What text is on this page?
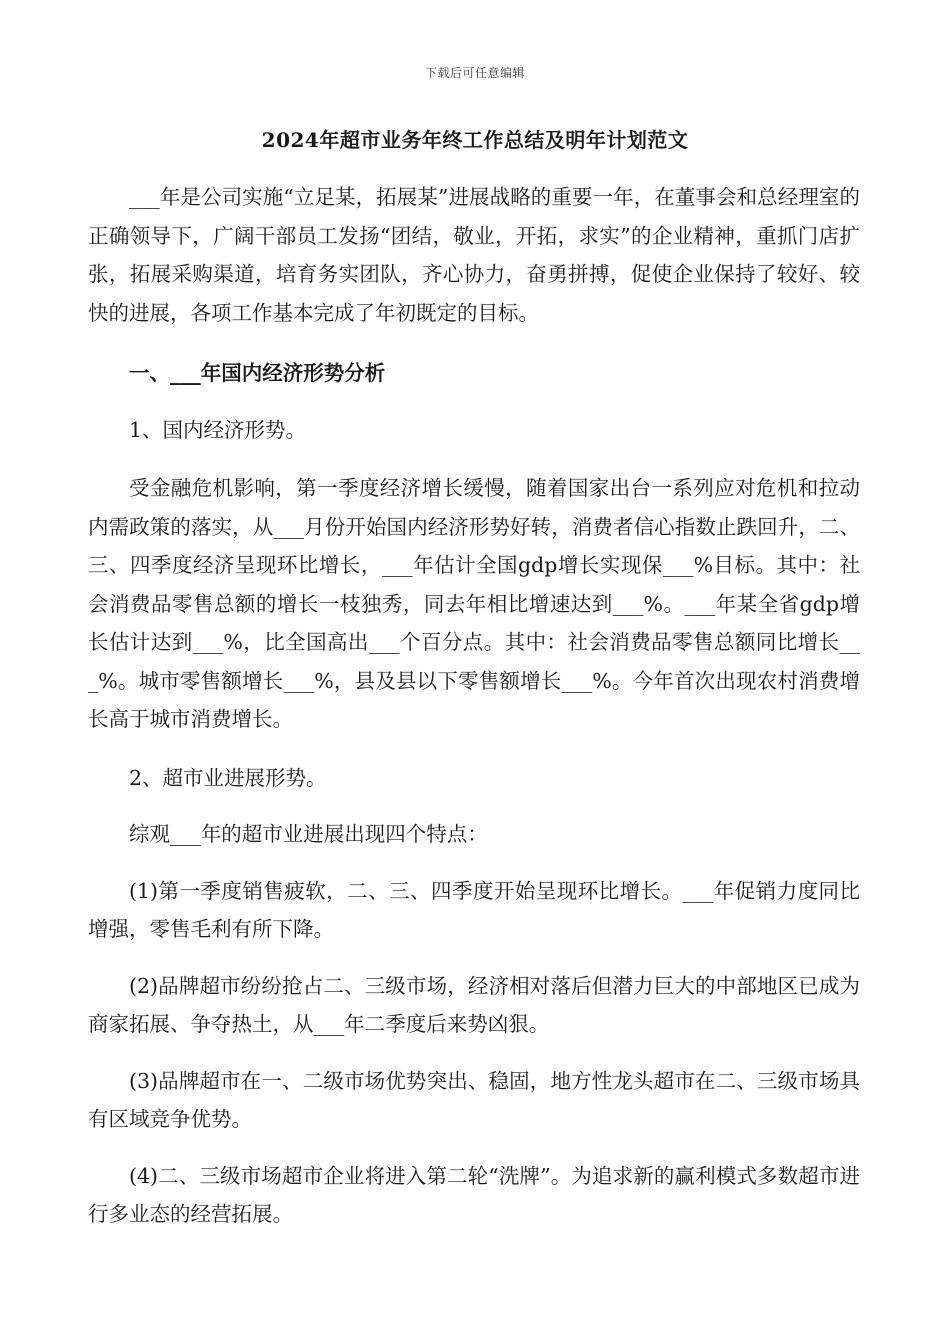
下载后可任意编辑
2024年超市业务年终工作总结及明年计划范文

___年是公司实施“立足某，拓展某”进展战略的重要一年，在董事会和总经理室的正确领导下，广阔干部员工发扬“团结，敬业，开拓，求实”的企业精神，重抓门店扩张，拓展采购渠道，培育务实团队，齐心协力，奋勇拼搏，促使企业保持了较好、较快的进展，各项工作基本完成了年初既定的目标。

一、___年国内经济形势分析

1、国内经济形势。

受金融危机影响，第一季度经济增长缓慢，随着国家出台一系列应对危机和拉动内需政策的落实，从___月份开始国内经济形势好转，消费者信心指数止跌回升，二、三、四季度经济呈现环比增长，___年估计全国gdp增长实现保___%目标。其中：社会消费品零售总额的增长一枝独秀，同去年相比增速达到___%。___年某全省gdp增长估计达到___%，比全国高出___个百分点。其中：社会消费品零售总额同比增长___%。城市零售额增长___%，县及县以下零售额增长___%。今年首次出现农村消费增长高于城市消费增长。

2、超市业进展形势。

综观___年的超市业进展出现四个特点：

(1)第一季度销售疲软，二、三、四季度开始呈现环比增长。___年促销力度同比增强，零售毛利有所下降。

(2)品牌超市纷纷抢占二、三级市场，经济相对落后但潜力巨大的中部地区已成为商家拓展、争夺热土，从___年二季度后来势凶狠。

(3)品牌超市在一、二级市场优势突出、稳固，地方性龙头超市在二、三级市场具有区域竞争优势。

(4)二、三级市场超市企业将进入第二轮“洗牌”。为追求新的赢利模式多数超市进行多业态的经营拓展。
